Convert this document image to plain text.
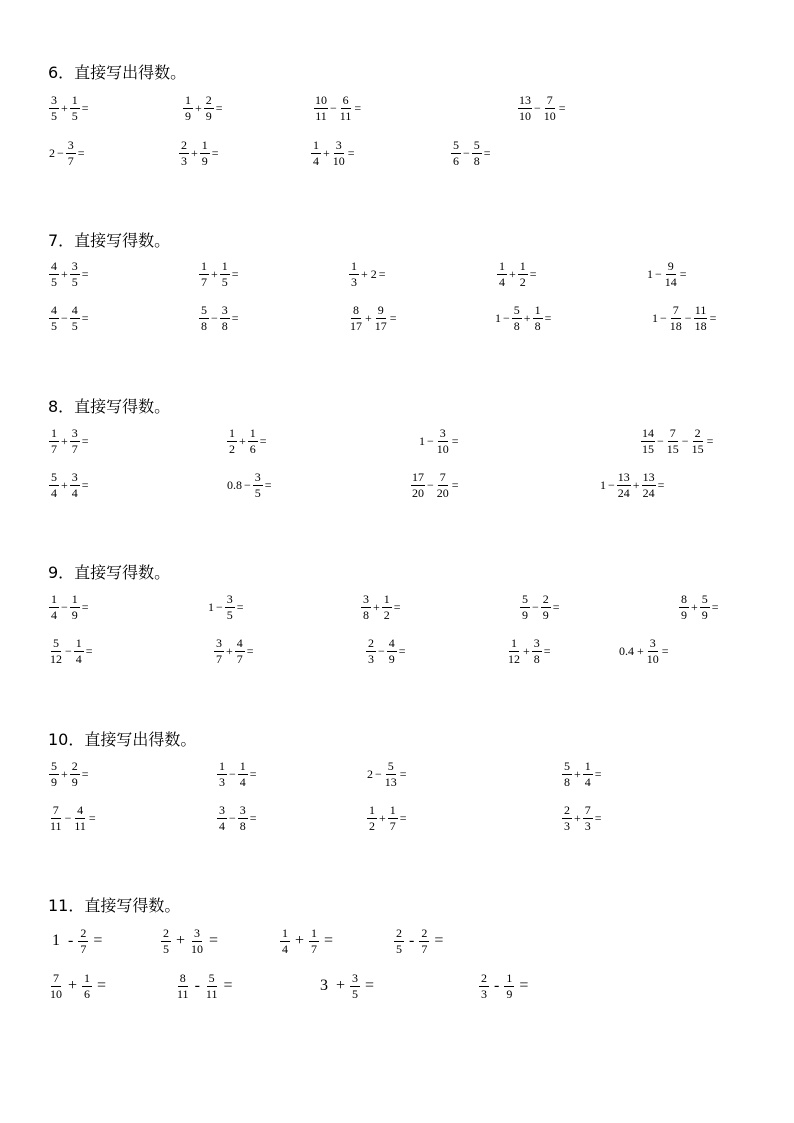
6．直接写出得数。
$\frac{3}{5} + \frac{1}{5}$ =	$\frac{1}{9} + \frac{2}{9}$ =	$\frac{10}{11} - \frac{6}{11}$ =	$\frac{13}{10} - \frac{7}{10}$ =
$2 - \frac{3}{7}$ =	$\frac{2}{3} + \frac{1}{9}$ =	$\frac{1}{4} + \frac{3}{10}$ =	$\frac{5}{6} - \frac{5}{8}$ =
7．直接写得数。
$\frac{4}{5} + \frac{3}{5}$ =	$\frac{1}{7} + \frac{1}{5}$ =	$\frac{1}{3} + 2$ =	$\frac{1}{4} + \frac{1}{2}$ =	$1 - \frac{9}{14}$ =
$\frac{4}{5} - \frac{4}{5}$ =	$\frac{5}{8} - \frac{3}{8}$ =	$\frac{8}{17} + \frac{9}{17}$ =	$1 - \frac{5}{8} + \frac{1}{8}$ =	$1 - \frac{7}{18} - \frac{11}{18}$ =
8．直接写得数。
$\frac{1}{7} + \frac{3}{7}$ =	$\frac{1}{2} + \frac{1}{6}$ =	$1 - \frac{3}{10}$ =	$\frac{14}{15} - \frac{7}{15} - \frac{2}{15}$ =
$\frac{5}{4} + \frac{3}{4}$ =	$0.8 - \frac{3}{5}$ =	$\frac{17}{20} - \frac{7}{20}$ =	$1 - \frac{13}{24} + \frac{13}{24}$ =
9．直接写得数。
$\frac{1}{4} - \frac{1}{9}$ =	$1 - \frac{3}{5}$ =	$\frac{3}{8} + \frac{1}{2}$ =	$\frac{5}{9} - \frac{2}{9}$ =	$\frac{8}{9} + \frac{5}{9}$ =
$\frac{5}{12} - \frac{1}{4}$ =	$\frac{3}{7} + \frac{4}{7}$ =	$\frac{2}{3} - \frac{4}{9}$ =	$\frac{1}{12} + \frac{3}{8}$ =	$0.4 + \frac{3}{10}$ =
10．直接写出得数。
$\frac{5}{9} + \frac{2}{9}$ =	$\frac{1}{3} - \frac{1}{4}$ =	$2 - \frac{5}{13}$ =	$\frac{5}{8} + \frac{1}{4}$ =
$\frac{7}{11} - \frac{4}{11}$ =	$\frac{3}{4} - \frac{3}{8}$ =	$\frac{1}{2} + \frac{1}{7}$ =	$\frac{2}{3} + \frac{7}{3}$ =
11．直接写得数。
$1 - \frac{2}{7}$ =	$\frac{2}{5} + \frac{3}{10}$ =	$\frac{1}{4} + \frac{1}{7}$ =	$\frac{2}{5} - \frac{2}{7}$ =
$\frac{7}{10} + \frac{1}{6}$ =	$\frac{8}{11} - \frac{5}{11}$ =	$3 + \frac{3}{5}$ =	$\frac{2}{3} - \frac{1}{9}$ =
